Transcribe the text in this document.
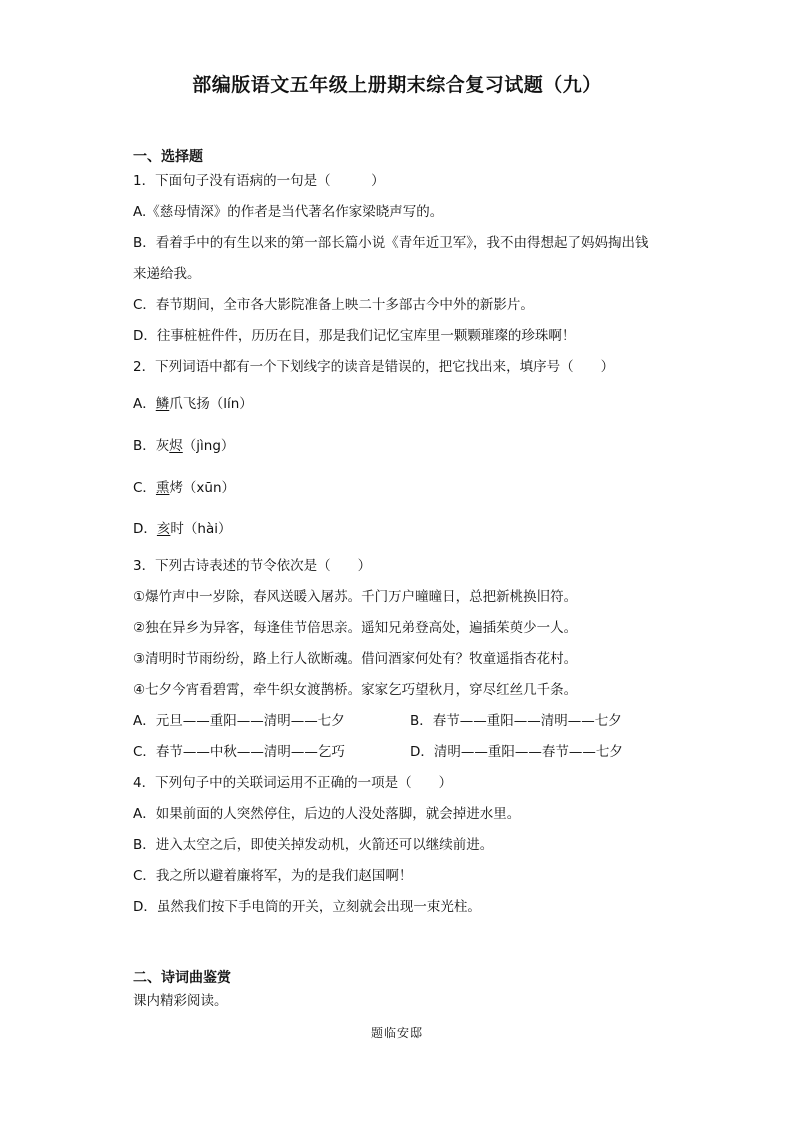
部编版语文五年级上册期末综合复习试题（九）
一、选择题
1．下面句子没有语病的一句是（　　　）
A.《慈母情深》的作者是当代著名作家梁晓声写的。
B．看着手中的有生以来的第一部长篇小说《青年近卫军》，我不由得想起了妈妈掏出钱
来递给我。
C．春节期间，全市各大影院准备上映二十多部古今中外的新影片。
D．往事桩桩件件，历历在目，那是我们记忆宝库里一颗颗璀璨的珍珠啊！
2．下列词语中都有一个下划线字的读音是错误的，把它找出来，填序号（　　）
A．鳞爪飞扬（lín）
B．灰烬（jìng）
C．熏烤（xūn）
D．亥时（hài）
3．下列古诗表述的节令依次是（　　）
①爆竹声中一岁除，春风送暖入屠苏。千门万户曈曈日，总把新桃换旧符。
②独在异乡为异客，每逢佳节倍思亲。遥知兄弟登高处，遍插茱萸少一人。
③清明时节雨纷纷，路上行人欲断魂。借问酒家何处有？牧童遥指杏花村。
④七夕今宵看碧霄，牵牛织女渡鹊桥。家家乞巧望秋月，穿尽红丝几千条。
A．元旦——重阳——清明——七夕	B．春节——重阳——清明——七夕
C．春节——中秋——清明——乞巧	D．清明——重阳——春节——七夕
4．下列句子中的关联词运用不正确的一项是（　　）
A．如果前面的人突然停住，后边的人没处落脚，就会掉进水里。
B．进入太空之后，即使关掉发动机，火箭还可以继续前进。
C．我之所以避着廉将军，为的是我们赵国啊！
D．虽然我们按下手电筒的开关，立刻就会出现一束光柱。
二、诗词曲鉴赏
课内精彩阅读。
题临安邸
